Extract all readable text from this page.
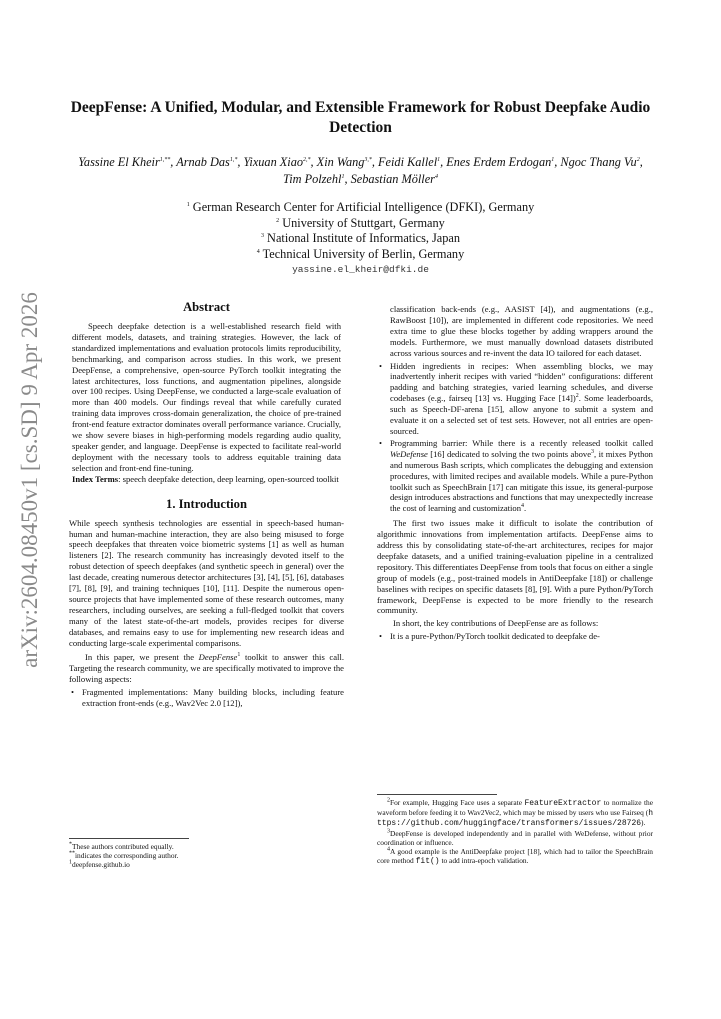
arXiv:2604.08450v1 [cs.SD] 9 Apr 2026
DeepFense: A Unified, Modular, and Extensible Framework for Robust Deepfake Audio Detection
Yassine El Kheir$^{1,**}$, Arnab Das$^{1,*}$, Yixuan Xiao$^{2,*}$, Xin Wang$^{3,*}$, Feidi Kallel$^1$, Enes Erdem Erdogan$^1$, Ngoc Thang Vu$^2$, Tim Polzehl$^1$, Sebastian Möller$^4$
$^1$ German Research Center for Artificial Intelligence (DFKI), Germany
$^2$ University of Stuttgart, Germany
$^3$ National Institute of Informatics, Japan
$^4$ Technical University of Berlin, Germany
yassine.el_kheir@dfki.de
Abstract

Speech deepfake detection is a well-established research field with different models, datasets, and training strategies. However, the lack of standardized implementations and evaluation protocols limits reproducibility, benchmarking, and comparison across studies. In this work, we present DeepFense, a comprehensive, open-source PyTorch toolkit integrating the latest architectures, loss functions, and augmentation pipelines, alongside over 100 recipes. Using DeepFense, we conducted a large-scale evaluation of more than 400 models. Our findings reveal that while carefully curated training data improves cross-domain generalization, the choice of pre-trained front-end feature extractor dominates overall performance variance. Crucially, we show severe biases in high-performing models regarding audio quality, speaker gender, and language. DeepFense is expected to facilitate real-world deployment with the necessary tools to address equitable training data selection and front-end fine-tuning.

Index Terms: speech deepfake detection, deep learning, open-sourced toolkit

1. Introduction

While speech synthesis technologies are essential in speech-based human-human and human-machine interaction, they are also being misused to forge speech deepfakes that threaten voice biometric systems [1] as well as human listeners [2]. The research community has increasingly devoted itself to the robust detection of speech deepfakes (and synthetic speech in general) over the last decade, creating numerous detector architectures [3], [4], [5], [6], databases [7], [8], [9], and training techniques [10], [11]. Despite the numerous open-source projects that have implemented some of these research outcomes, many researchers, including ourselves, are seeking a full-fledged toolkit that covers many of the latest state-of-the-art models, provides recipes for diverse databases, and remains easy to use for implementing new research ideas and conducting large-scale experimental comparisons.

In this paper, we present the DeepFense$^1$ toolkit to answer this call. Targeting the research community, we are specifically motivated to improve the following aspects:

• Fragmented implementations: Many building blocks, including feature extraction front-ends (e.g., Wav2Vec 2.0 [12]),
*These authors contributed equally.
**indicates the corresponding author.
$^1$deepfense.github.io

classification back-ends (e.g., AASIST [4]), and augmentations (e.g., RawBoost [10]), are implemented in different code repositories. We need extra time to glue these blocks together by adding wrappers around the models. Furthermore, we must manually download datasets distributed across various sources and re-invent the data IO tailored for each dataset.

• Hidden ingredients in recipes: When assembling blocks, we may inadvertently inherit recipes with varied “hidden” configurations: different padding and batching strategies, varied learning schedules, and diverse codebases (e.g., fairseq [13] vs. Hugging Face [14])$^2$. Some leaderboards, such as Speech-DF-arena [15], allow anyone to submit a system and evaluate it on a selected set of test sets. However, not all entries are open-sourced.
• Programming barrier: While there is a recently released toolkit called WeDefense [16] dedicated to solving the two points above$^3$, it mixes Python and numerous Bash scripts, which complicates the debugging and extension procedures, with limited recipes and available models. While a pure-Python toolkit such as SpeechBrain [17] can mitigate this issue, its general-purpose design introduces abstractions and functions that may unexpectedly increase the cost of learning and customization$^4$.

The first two issues make it difficult to isolate the contribution of algorithmic innovations from implementation artifacts. DeepFense aims to address this by consolidating state-of-the-art architectures, recipes for major deepfake datasets, and a unified training-evaluation pipeline in a centralized repository. This differentiates DeepFense from tools that focus on either a single group of models (e.g., post-trained models in AntiDeepfake [18]) or challenge baselines with recipes on specific datasets [8], [9]. With a pure Python/PyTorch framework, DeepFense is expected to be more friendly to the research community.

In short, the key contributions of DeepFense are as follows:

• It is a pure-Python/PyTorch toolkit dedicated to deepfake de-
$^2$For example, Hugging Face uses a separate FeatureExtractor to normalize the waveform before feeding it to Wav2Vec2, which may be missed by users who use Fairseq (https://github.com/huggingface/transformers/issues/28726).
$^3$DeepFense is developed independently and in parallel with WeDefense, without prior coordination or influence.
$^4$A good example is the AntiDeepfake project [18], which had to tailor the SpeechBrain core method fit() to add intra-epoch validation.
